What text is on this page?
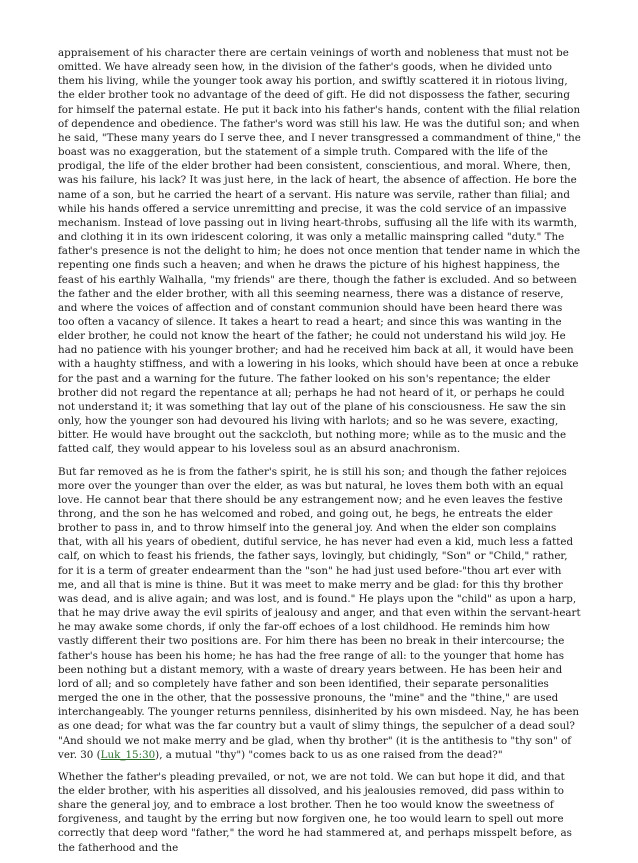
appraisement of his character there are certain veinings of worth and nobleness that must not be omitted. We have already seen how, in the division of the father's goods, when he divided unto them his living, while the younger took away his portion, and swiftly scattered it in riotous living, the elder brother took no advantage of the deed of gift. He did not dispossess the father, securing for himself the paternal estate. He put it back into his father's hands, content with the filial relation of dependence and obedience. The father's word was still his law. He was the dutiful son; and when he said, "These many years do I serve thee, and I never transgressed a commandment of thine," the boast was no exaggeration, but the statement of a simple truth. Compared with the life of the prodigal, the life of the elder brother had been consistent, conscientious, and moral. Where, then, was his failure, his lack? It was just here, in the lack of heart, the absence of affection. He bore the name of a son, but he carried the heart of a servant. His nature was servile, rather than filial; and while his hands offered a service unremitting and precise, it was the cold service of an impassive mechanism. Instead of love passing out in living heart-throbs, suffusing all the life with its warmth, and clothing it in its own iridescent coloring, it was only a metallic mainspring called "duty." The father's presence is not the delight to him; he does not once mention that tender name in which the repenting one finds such a heaven; and when he draws the picture of his highest happiness, the feast of his earthly Walhalla, "my friends" are there, though the father is excluded. And so between the father and the elder brother, with all this seeming nearness, there was a distance of reserve, and where the voices of affection and of constant communion should have been heard there was too often a vacancy of silence. It takes a heart to read a heart; and since this was wanting in the elder brother, he could not know the heart of the father; he could not understand his wild joy. He had no patience with his younger brother; and had he received him back at all, it would have been with a haughty stiffness, and with a lowering in his looks, which should have been at once a rebuke for the past and a warning for the future. The father looked on his son's repentance; the elder brother did not regard the repentance at all; perhaps he had not heard of it, or perhaps he could not understand it; it was something that lay out of the plane of his consciousness. He saw the sin only, how the younger son had devoured his living with harlots; and so he was severe, exacting, bitter. He would have brought out the sackcloth, but nothing more; while as to the music and the fatted calf, they would appear to his loveless soul as an absurd anachronism.

But far removed as he is from the father's spirit, he is still his son; and though the father rejoices more over the younger than over the elder, as was but natural, he loves them both with an equal love. He cannot bear that there should be any estrangement now; and he even leaves the festive throng, and the son he has welcomed and robed, and going out, he begs, he entreats the elder brother to pass in, and to throw himself into the general joy. And when the elder son complains that, with all his years of obedient, dutiful service, he has never had even a kid, much less a fatted calf, on which to feast his friends, the father says, lovingly, but chidingly, "Son" or "Child," rather, for it is a term of greater endearment than the "son" he had just used before-"thou art ever with me, and all that is mine is thine. But it was meet to make merry and be glad: for this thy brother was dead, and is alive again; and was lost, and is found." He plays upon the "child" as upon a harp, that he may drive away the evil spirits of jealousy and anger, and that even within the servant-heart he may awake some chords, if only the far-off echoes of a lost childhood. He reminds him how vastly different their two positions are. For him there has been no break in their intercourse; the father's house has been his home; he has had the free range of all: to the younger that home has been nothing but a distant memory, with a waste of dreary years between. He has been heir and lord of all; and so completely have father and son been identified, their separate personalities merged the one in the other, that the possessive pronouns, the "mine" and the "thine," are used interchangeably. The younger returns penniless, disinherited by his own misdeed. Nay, he has been as one dead; for what was the far country but a vault of slimy things, the sepulcher of a dead soul? "And should we not make merry and be glad, when thy brother" (it is the antithesis to "thy son" of ver. 30 (Luk_15:30), a mutual "thy") "comes back to us as one raised from the dead?"

Whether the father's pleading prevailed, or not, we are not told. We can but hope it did, and that the elder brother, with his asperities all dissolved, and his jealousies removed, did pass within to share the general joy, and to embrace a lost brother. Then he too would know the sweetness of forgiveness, and taught by the erring but now forgiven one, he too would learn to spell out more correctly that deep word "father," the word he had stammered at, and perhaps misspelt before, as the fatherhood and the
